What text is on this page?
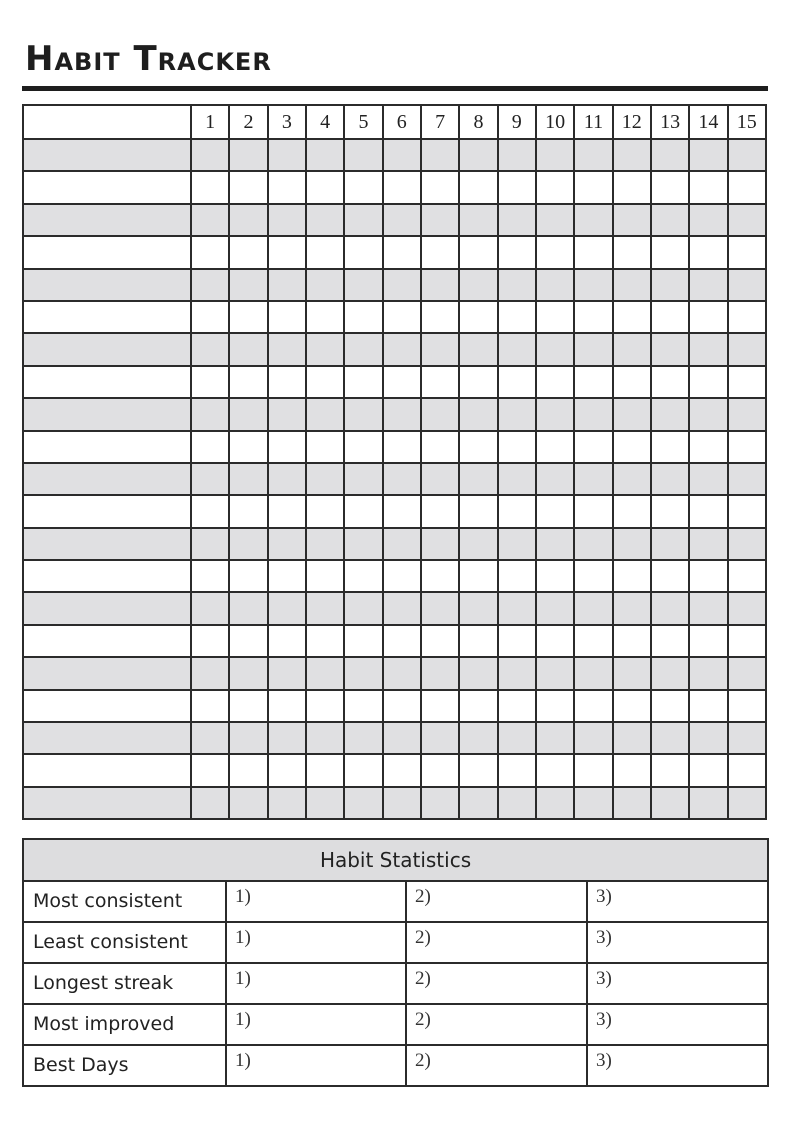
Habit Tracker
	1	2	3	4	5	6	7	8	9	10	11	12	13	14	15

Habit Statistics			
Most consistent	1)	2)	3)
Least consistent	1)	2)	3)
Longest streak	1)	2)	3)
Most improved	1)	2)	3)
Best Days	1)	2)	3)
